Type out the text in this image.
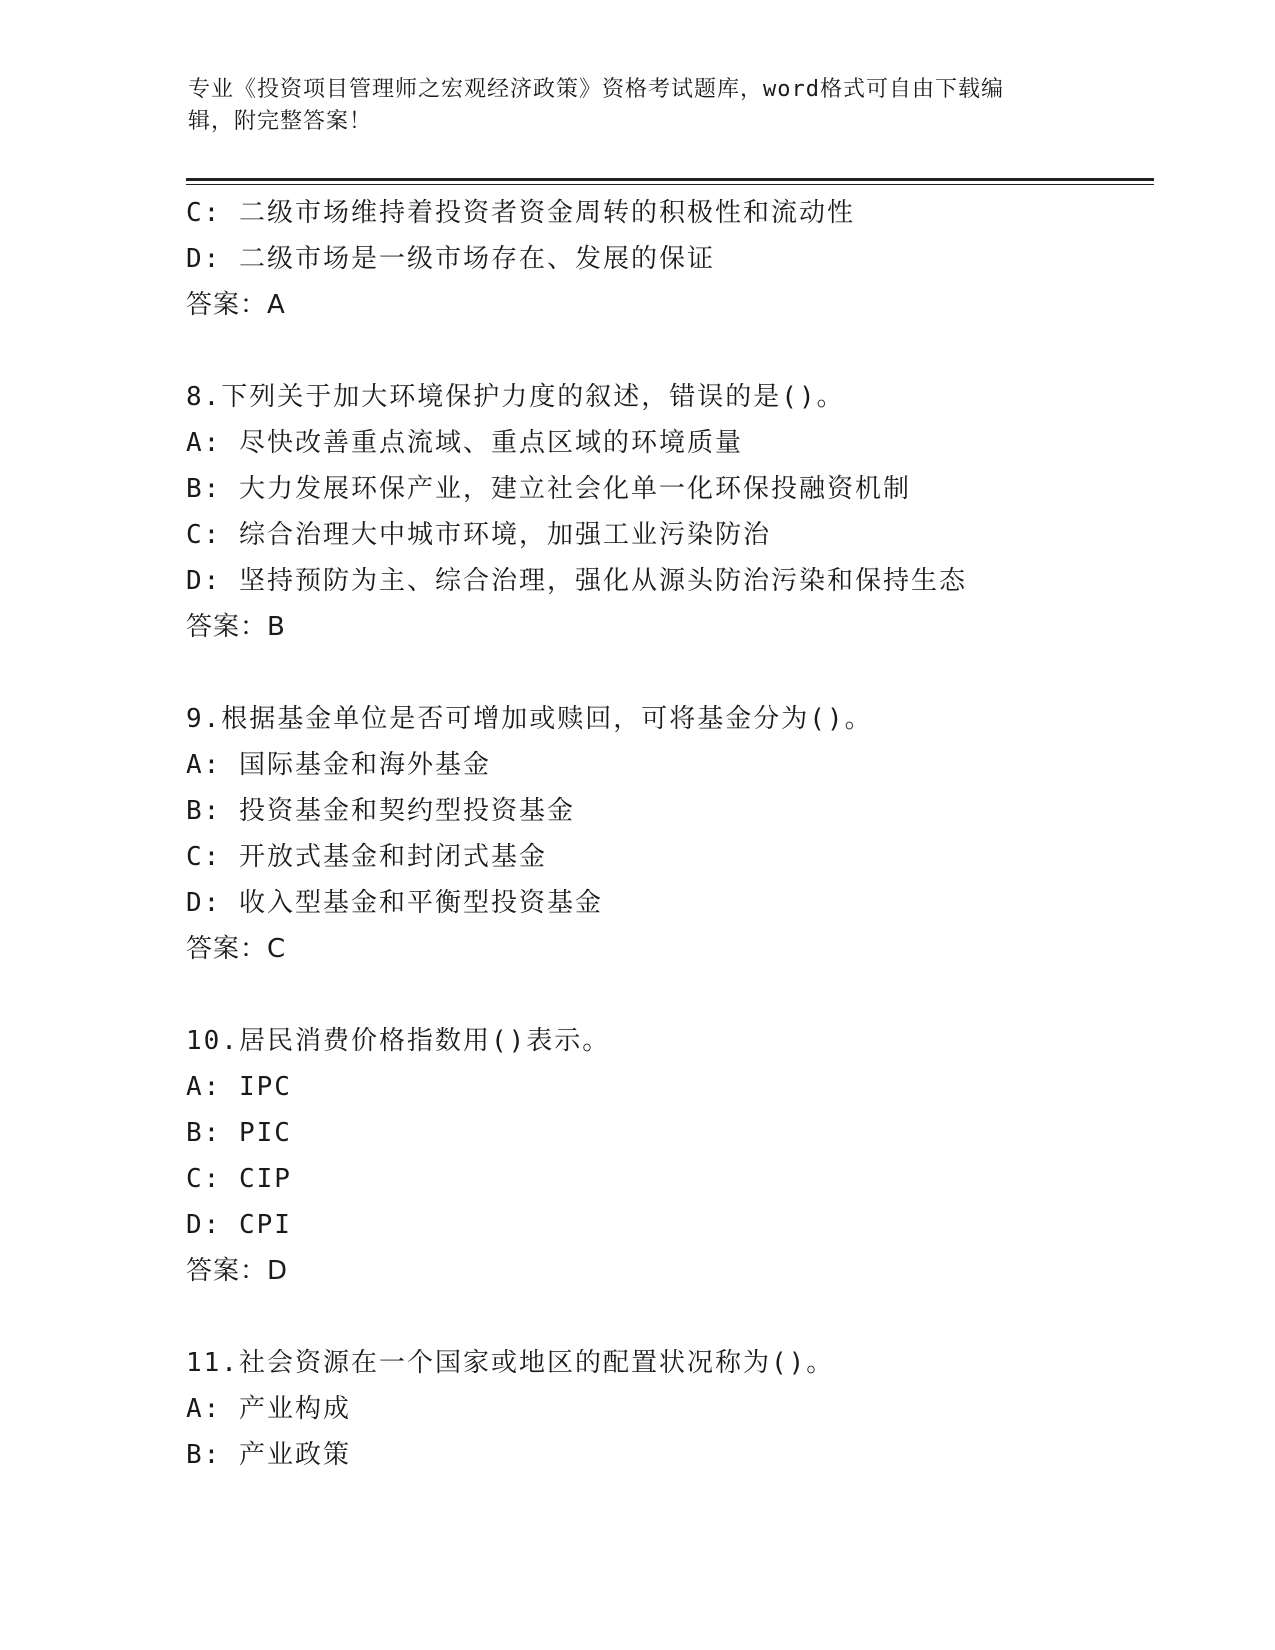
专业《投资项目管理师之宏观经济政策》资格考试题库，word格式可自由下载编
辑，附完整答案！
C: 二级市场维持着投资者资金周转的积极性和流动性
D: 二级市场是一级市场存在、发展的保证
答案：A
8.下列关于加大环境保护力度的叙述，错误的是()。
A: 尽快改善重点流域、重点区域的环境质量
B: 大力发展环保产业，建立社会化单一化环保投融资机制
C: 综合治理大中城市环境，加强工业污染防治
D: 坚持预防为主、综合治理，强化从源头防治污染和保持生态
答案：B
9.根据基金单位是否可增加或赎回，可将基金分为()。
A: 国际基金和海外基金
B: 投资基金和契约型投资基金
C: 开放式基金和封闭式基金
D: 收入型基金和平衡型投资基金
答案：C
10.居民消费价格指数用()表示。
A: IPC
B: PIC
C: CIP
D: CPI
答案：D
11.社会资源在一个国家或地区的配置状况称为()。
A: 产业构成
B: 产业政策
